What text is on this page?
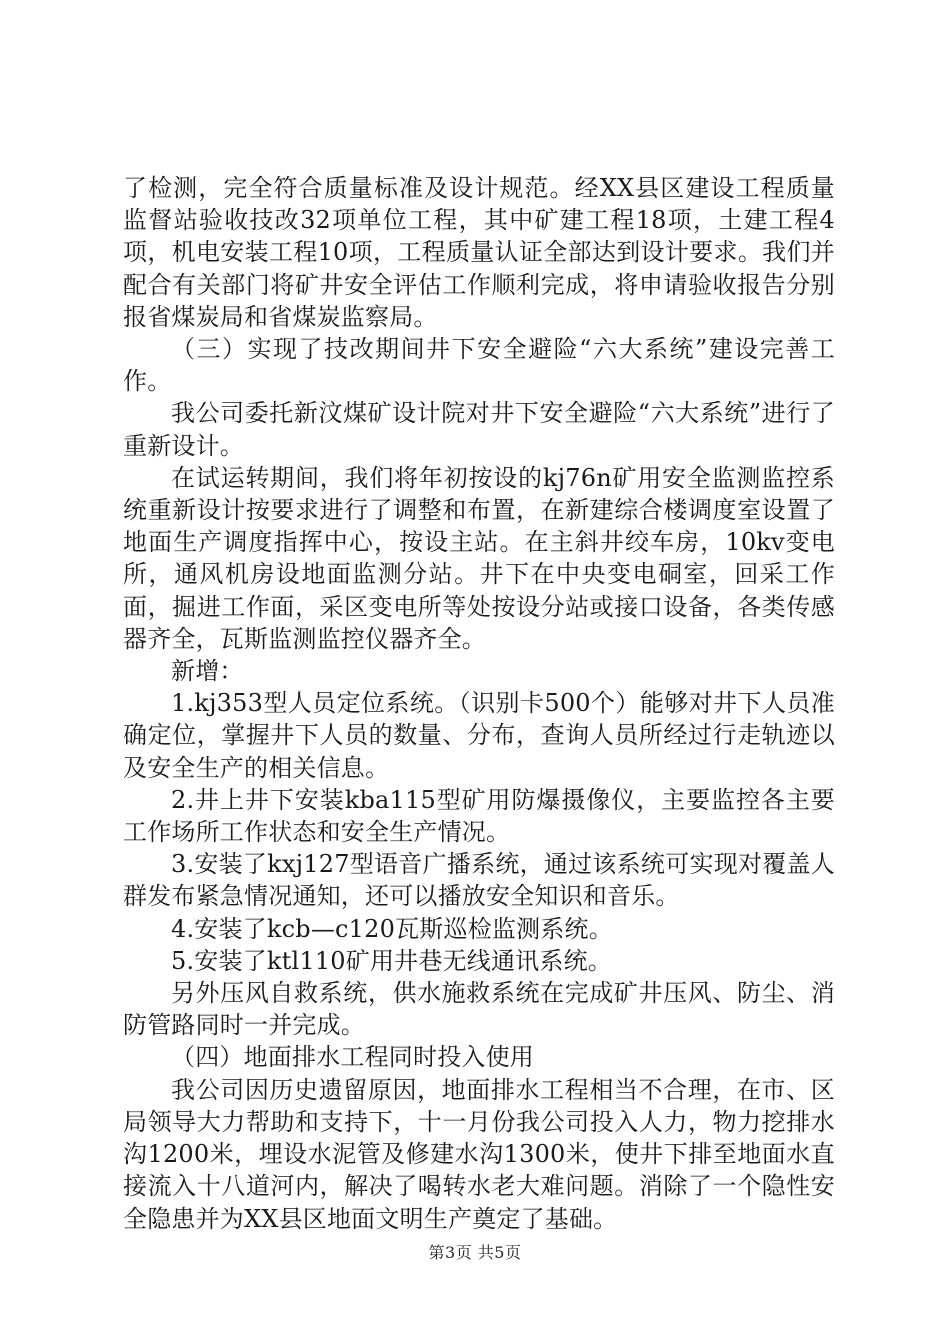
了检测，完全符合质量标准及设计规范。经XX县区建设工程质量监督站验收技改32项单位工程，其中矿建工程18项，土建工程4项，机电安装工程10项，工程质量认证全部达到设计要求。我们并配合有关部门将矿井安全评估工作顺利完成，将申请验收报告分别报省煤炭局和省煤炭监察局。

（三）实现了技改期间井下安全避险“六大系统”建设完善工作。

我公司委托新汶煤矿设计院对井下安全避险“六大系统”进行了重新设计。

在试运转期间，我们将年初按设的kj76n矿用安全监测监控系统重新设计按要求进行了调整和布置，在新建综合楼调度室设置了地面生产调度指挥中心，按设主站。在主斜井绞车房，10kv变电所，通风机房设地面监测分站。井下在中央变电硐室，回采工作面，掘进工作面，采区变电所等处按设分站或接口设备，各类传感器齐全，瓦斯监测监控仪器齐全。

新增：

1.kj353型人员定位系统。（识别卡500个）能够对井下人员准确定位，掌握井下人员的数量、分布，查询人员所经过行走轨迹以及安全生产的相关信息。

2.井上井下安装kba115型矿用防爆摄像仪，主要监控各主要工作场所工作状态和安全生产情况。

3.安装了kxj127型语音广播系统，通过该系统可实现对覆盖人群发布紧急情况通知，还可以播放安全知识和音乐。

4.安装了kcb—c120瓦斯巡检监测系统。

5.安装了ktl110矿用井巷无线通讯系统。

另外压风自救系统，供水施救系统在完成矿井压风、防尘、消防管路同时一并完成。

（四）地面排水工程同时投入使用

我公司因历史遗留原因，地面排水工程相当不合理，在市、区局领导大力帮助和支持下，十一月份我公司投入人力，物力挖排水沟1200米，埋设水泥管及修建水沟1300米，使井下排至地面水直接流入十八道河内，解决了喝转水老大难问题。消除了一个隐性安全隐患并为XX县区地面文明生产奠定了基础。

第3页 共5页
